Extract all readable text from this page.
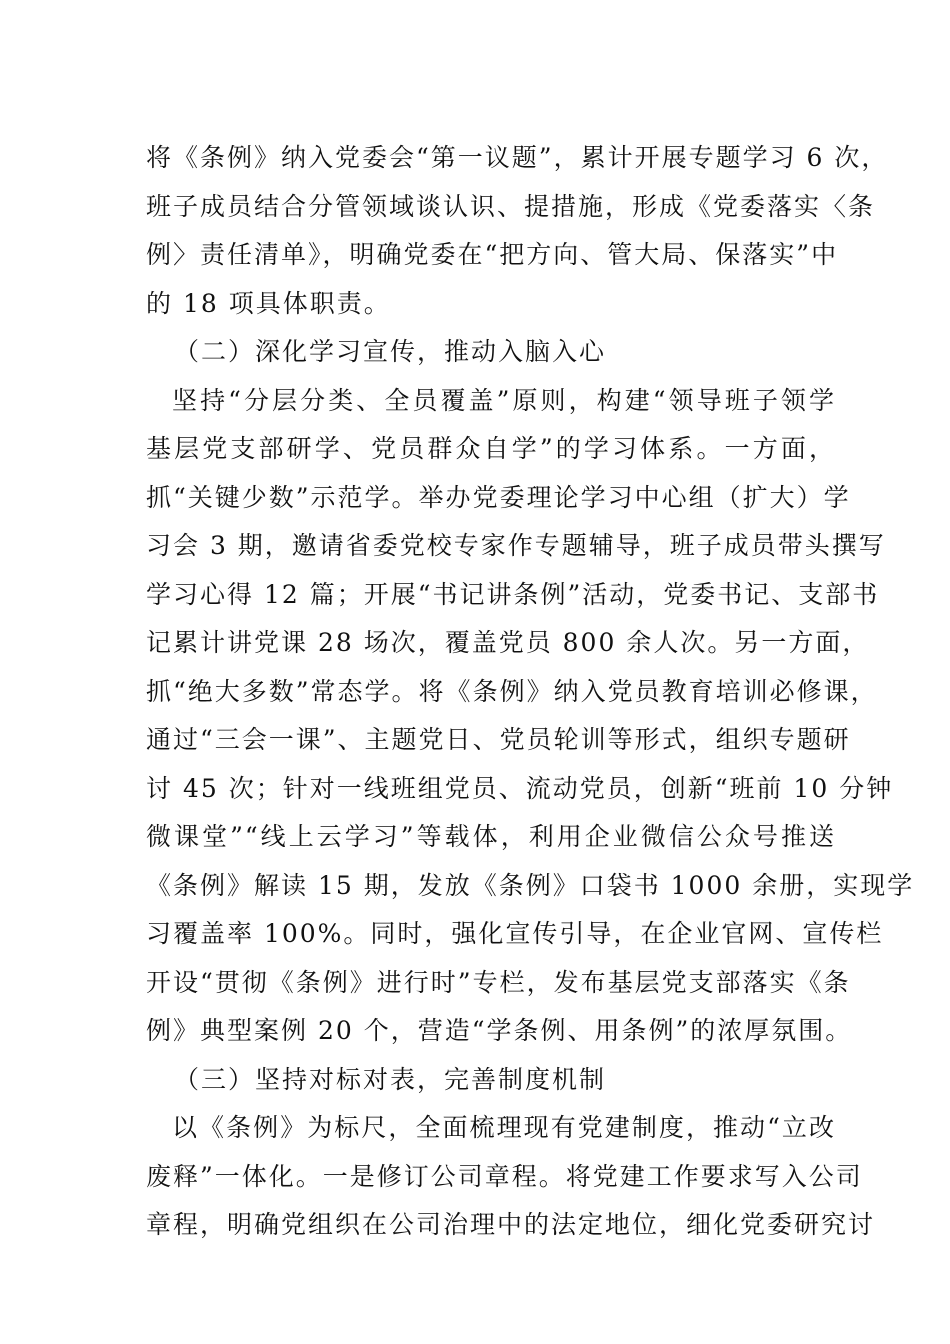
将《条例》纳入党委会“第一议题”，累计开展专题学习 6 次，
班子成员结合分管领域谈认识、提措施，形成《党委落实〈条
例〉责任清单》，明确党委在“把方向、管大局、保落实”中
的 18 项具体职责。
（二）深化学习宣传，推动入脑入心
坚持“分层分类、全员覆盖”原则，构建“领导班子领学
基层党支部研学、党员群众自学”的学习体系。一方面，
抓“关键少数”示范学。举办党委理论学习中心组（扩大）学
习会 3 期，邀请省委党校专家作专题辅导，班子成员带头撰写
学习心得 12 篇；开展“书记讲条例”活动，党委书记、支部书
记累计讲党课 28 场次，覆盖党员 800 余人次。另一方面，
抓“绝大多数”常态学。将《条例》纳入党员教育培训必修课，
通过“三会一课”、主题党日、党员轮训等形式，组织专题研
讨 45 次；针对一线班组党员、流动党员，创新“班前 10 分钟
微课堂”“线上云学习”等载体，利用企业微信公众号推送
《条例》解读 15 期，发放《条例》口袋书 1000 余册，实现学
习覆盖率 100%。同时，强化宣传引导，在企业官网、宣传栏
开设“贯彻《条例》进行时”专栏，发布基层党支部落实《条
例》典型案例 20 个，营造“学条例、用条例”的浓厚氛围。
（三）坚持对标对表，完善制度机制
以《条例》为标尺，全面梳理现有党建制度，推动“立改
废释”一体化。一是修订公司章程。将党建工作要求写入公司
章程，明确党组织在公司治理中的法定地位，细化党委研究讨
